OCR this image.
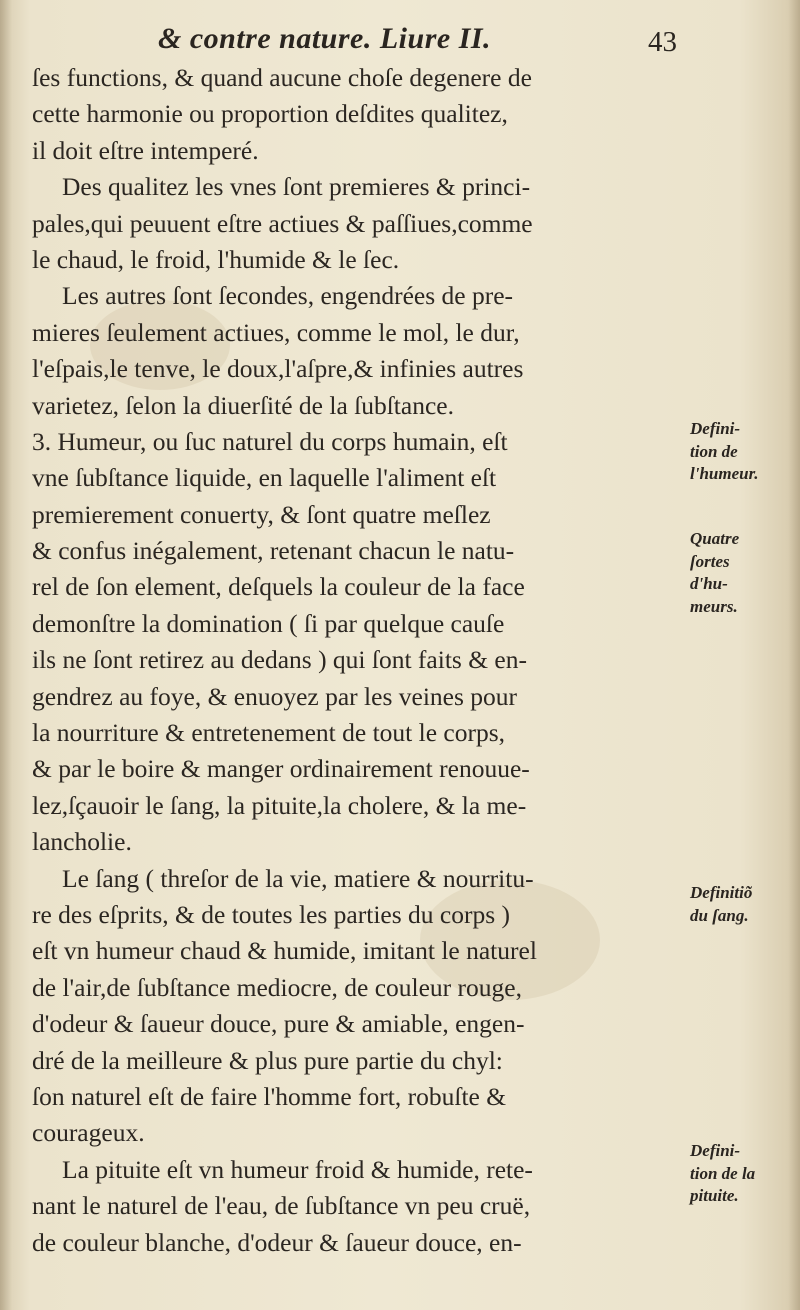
& contre nature. Liure II.	43
ſes functions, & quand aucune choſe degenere de
cette harmonie ou proportion deſdites qualitez,
il doit eſtre intemperé.
Des qualitez les vnes ſont premieres & princi-
pales,qui peuuent eſtre actiues & paſſiues,comme
le chaud, le froid, l'humide & le ſec.
Les autres ſont ſecondes, engendrées de pre-
mieres ſeulement actiues, comme le mol, le dur,
l'eſpais,le tenve, le doux,l'aſpre,& infinies autres
varietez, ſelon la diuerſité de la ſubſtance.
3. Humeur, ou ſuc naturel du corps humain, eſt
vne ſubſtance liquide, en laquelle l'aliment eſt
premierement conuerty, & ſont quatre meſlez
& confus inégalement, retenant chacun le natu-
rel de ſon element, deſquels la couleur de la face
demonſtre la domination ( ſi par quelque cauſe
ils ne ſont retirez au dedans ) qui ſont faits & en-
gendrez au foye, & enuoyez par les veines pour
la nourriture & entretenement de tout le corps,
& par le boire & manger ordinairement renouue-
lez,ſçauoir le ſang, la pituite,la cholere, & la me-
lancholie.
Le ſang ( threſor de la vie, matiere & nourritu-
re des eſprits, & de toutes les parties du corps )
eſt vn humeur chaud & humide, imitant le naturel
de l'air,de ſubſtance mediocre, de couleur rouge,
d'odeur & ſaueur douce, pure & amiable, engen-
dré de la meilleure & plus pure partie du chyl:
ſon naturel eſt de faire l'homme fort, robuſte &
courageux.
La pituite eſt vn humeur froid & humide, rete-
nant le naturel de l'eau, de ſubſtance vn peu cruë,
de couleur blanche, d'odeur & ſaueur douce, en-
Defini-
tion de
l'humeur.
Quatre
ſortes
d'hu-
meurs.
Definitiõ
du ſang.
Defini-
tion de la
pituite.
